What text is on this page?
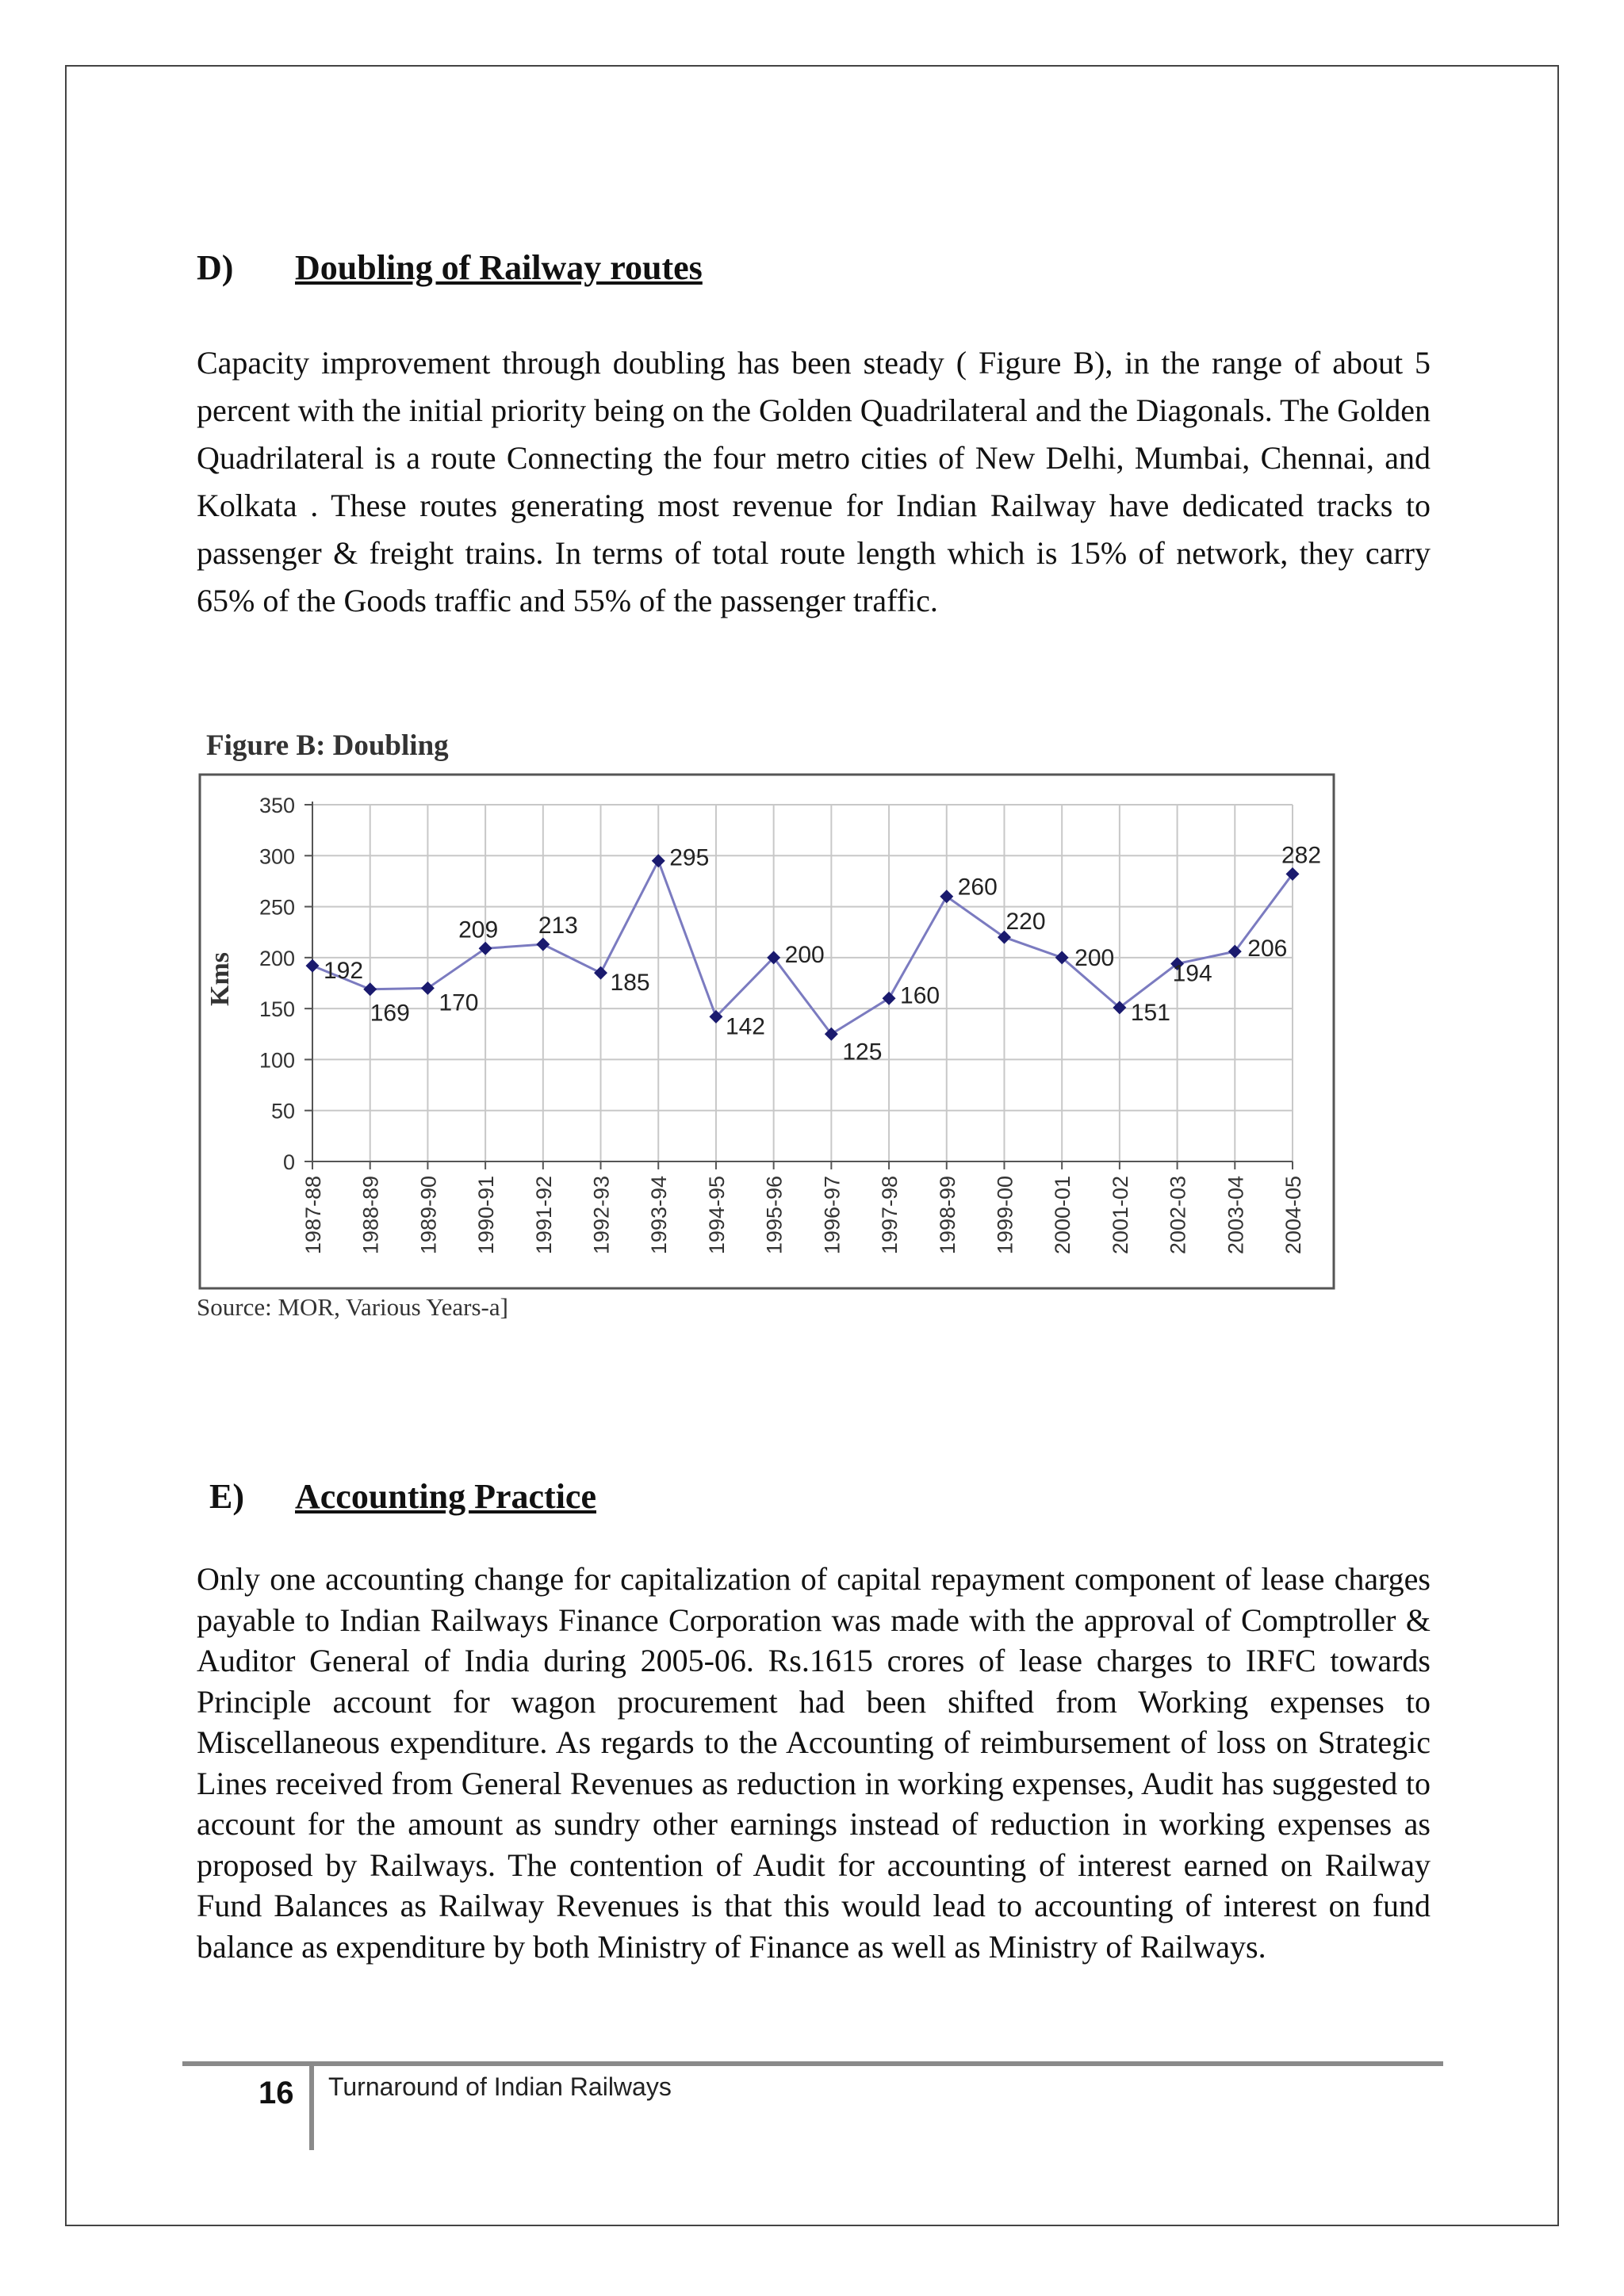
D) Doubling of Railway routes

Capacity improvement through doubling has been steady ( Figure B), in the range of about 5 percent with the initial priority being on the Golden Quadrilateral and the Diagonals. The Golden Quadrilateral is a route Connecting the four metro cities of New Delhi, Mumbai, Chennai, and Kolkata . These routes generating most revenue for Indian Railway have dedicated tracks to passenger & freight trains. In terms of total route length which is 15% of network, they carry 65% of the Goods traffic and 55% of the passenger traffic.

0
50
100
150
200
250
300
350
1987-88 1988-89 1989-90 1990-91 1991-92 1992-93 1993-94 1994-95 1995-96 1996-97 1997-98 1998-99 1999-00 2000-01 2001-02 2002-03 2003-04 2004-05
Kms	192
169 170
209 213
185
295
142
200
125
160
260
220
200
151
194
206
282
Figure B: Doubling
Source: MOR, Various Years-a]
E) Accounting Practice

Only one accounting change for capitalization of capital repayment component of lease charges payable to Indian Railways Finance Corporation was made with the approval of Comptroller & Auditor General of India during 2005-06. Rs.1615 crores of lease charges to IRFC towards Principle account for wagon procurement had been shifted from Working expenses to Miscellaneous expenditure. As regards to the Accounting of reimbursement of loss on Strategic Lines received from General Revenues as reduction in working expenses, Audit has suggested to account for the amount as sundry other earnings instead of reduction in working expenses as proposed by Railways. The contention of Audit for accounting of interest earned on Railway Fund Balances as Railway Revenues is that this would lead to accounting of interest on fund balance as expenditure by both Ministry of Finance as well as Ministry of Railways.

16 Turnaround of Indian Railways
